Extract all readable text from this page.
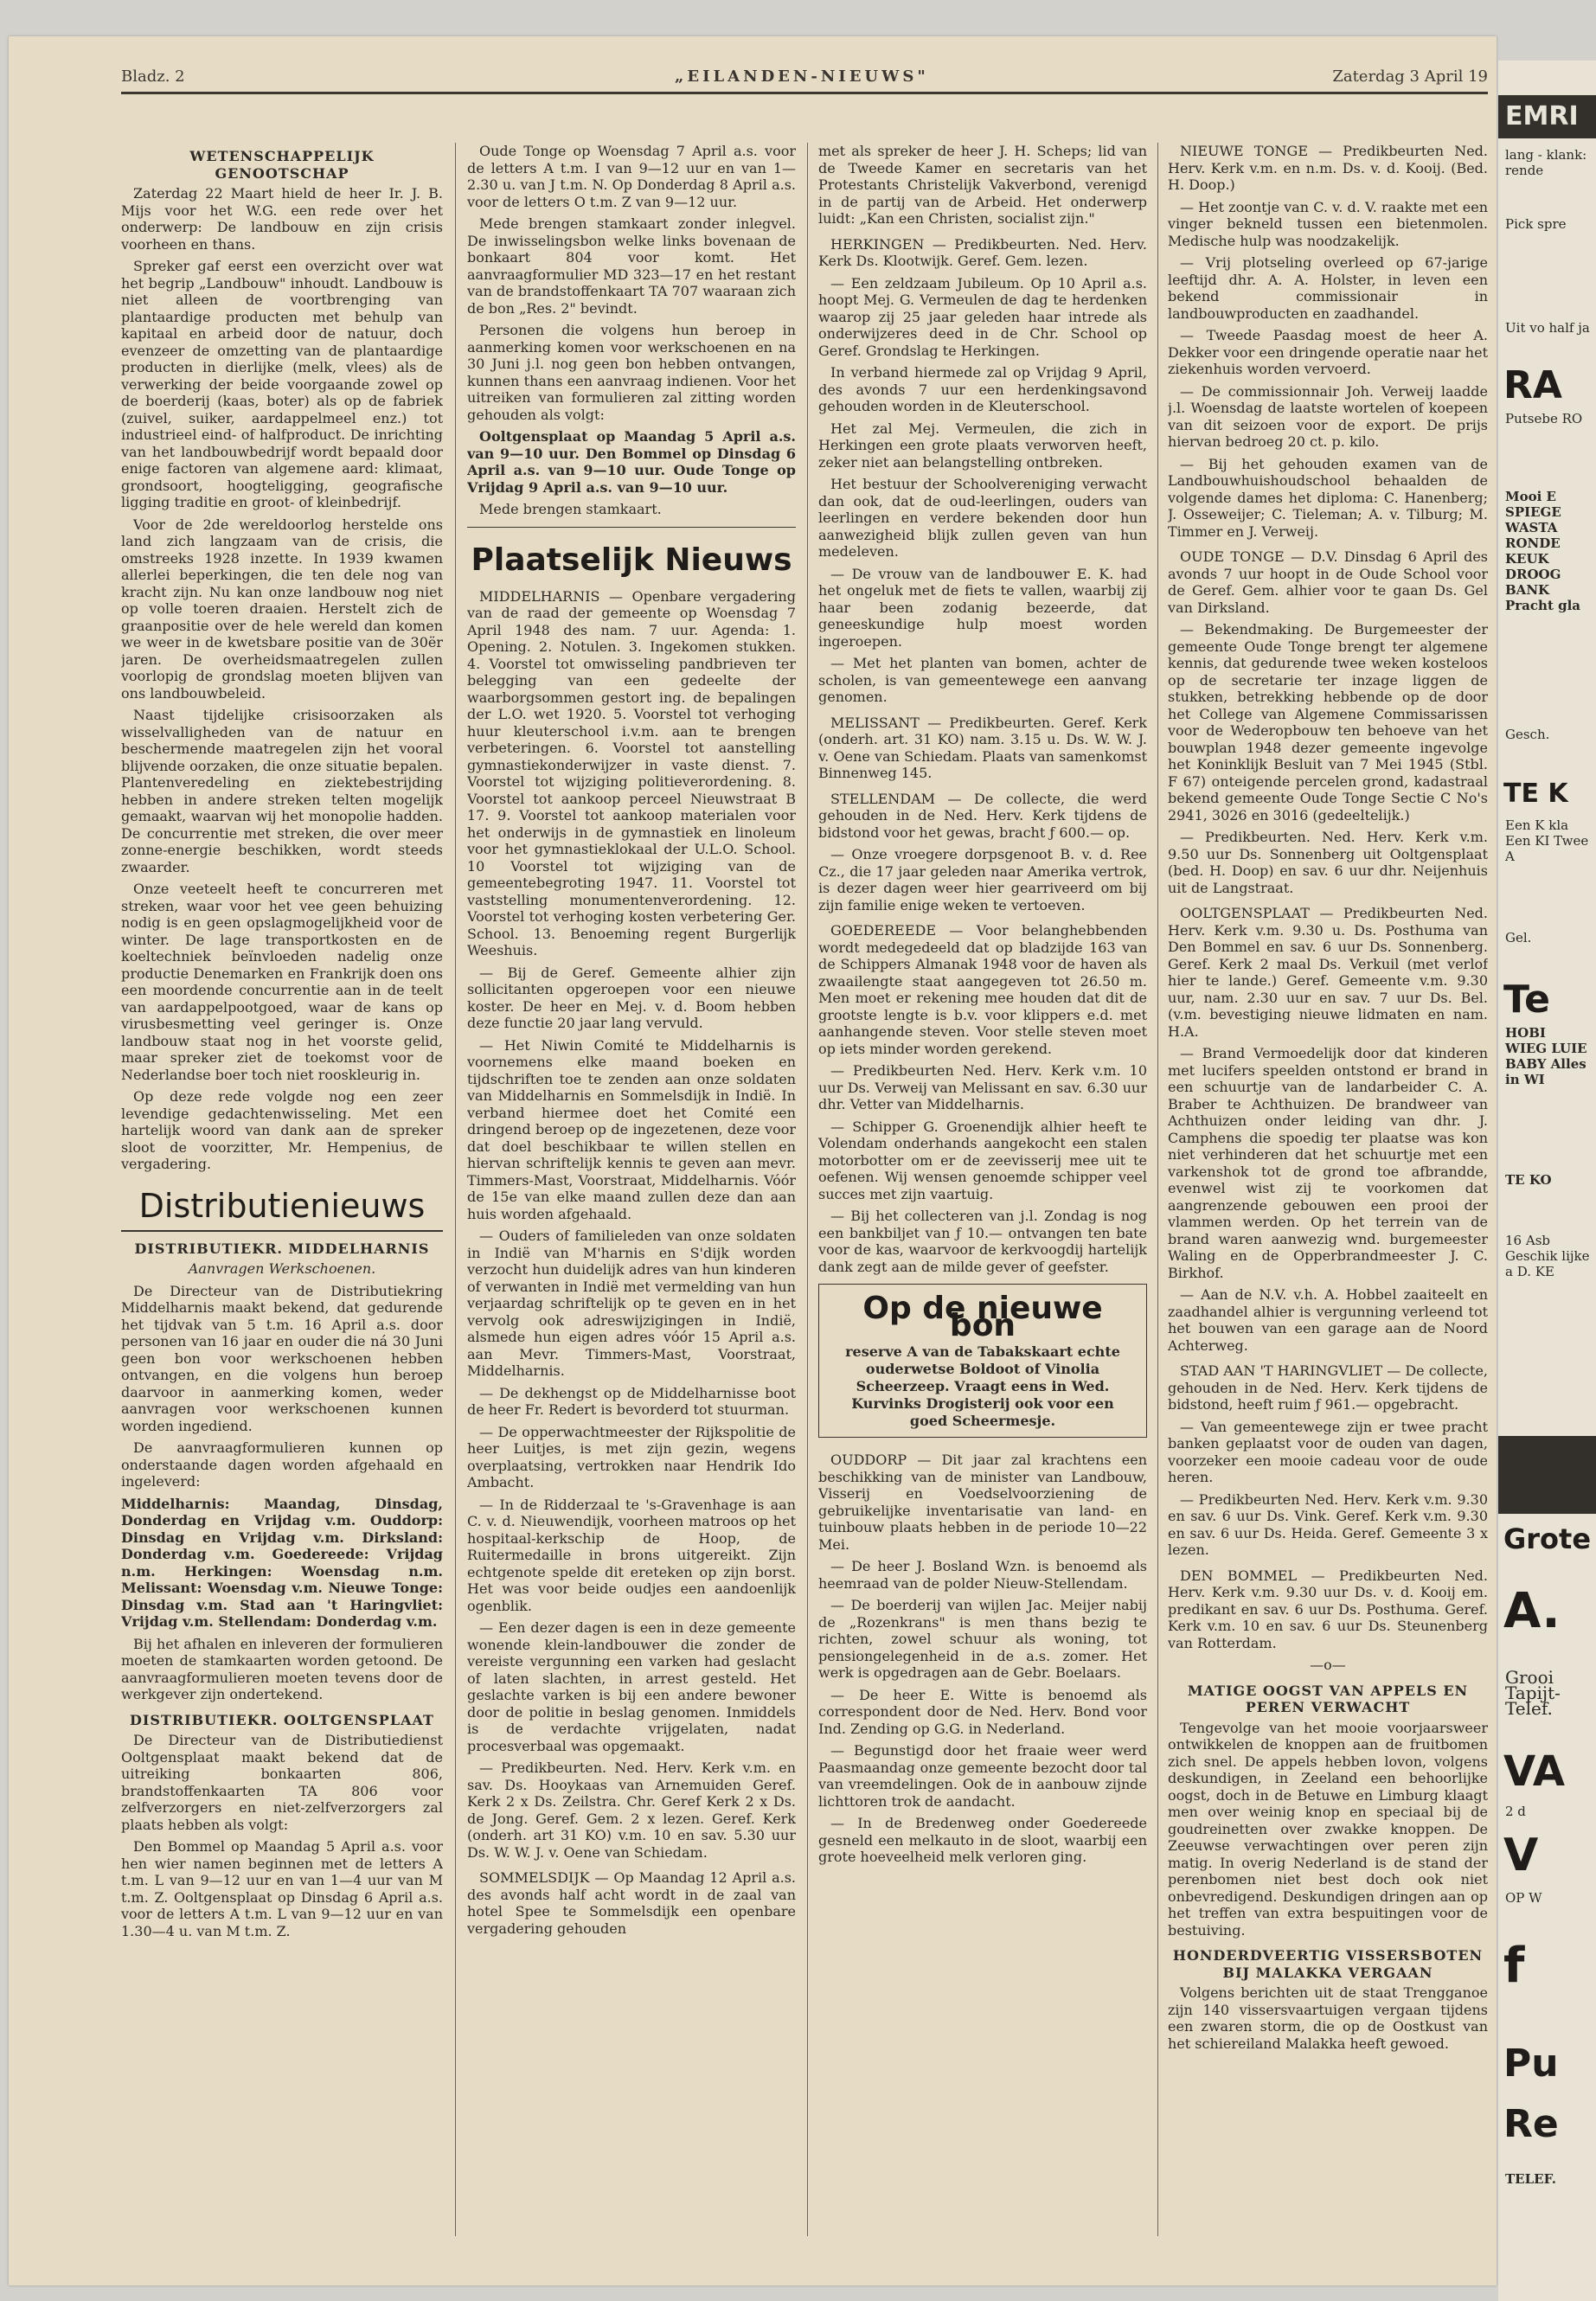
Bladz. 2	„EILANDEN-NIEUWS"	Zaterdag 3 April 19
WETENSCHAPPELIJK GENOOTSCHAP

Zaterdag 22 Maart hield de heer Ir. J. B. Mijs voor het W.G. een rede over het onderwerp: De landbouw en zijn crisis voorheen en thans.

Spreker gaf eerst een overzicht over wat het begrip „Landbouw" inhoudt. Landbouw is niet alleen de voortbrenging van plantaardige producten met behulp van kapitaal en arbeid door de natuur, doch evenzeer de omzetting van de plantaardige producten in dierlijke (melk, vlees) als de verwerking der beide voorgaande zowel op de boerderij (kaas, boter) als op de fabriek (zuivel, suiker, aardappelmeel enz.) tot industrieel eind- of halfproduct. De inrichting van het landbouwbedrijf wordt bepaald door enige factoren van algemene aard: klimaat, grondsoort, hoogteligging, geografische ligging traditie en groot- of kleinbedrijf.

Voor de 2de wereldoorlog herstelde ons land zich langzaam van de crisis, die omstreeks 1928 inzette. In 1939 kwamen allerlei beperkingen, die ten dele nog van kracht zijn. Nu kan onze landbouw nog niet op volle toeren draaien. Herstelt zich de graanpositie over de hele wereld dan komen we weer in de kwetsbare positie van de 30ër jaren. De overheidsmaatregelen zullen voorlopig de grondslag moeten blijven van ons landbouwbeleid.

Naast tijdelijke crisisoorzaken als wisselvalligheden van de natuur en beschermende maatregelen zijn het vooral blijvende oorzaken, die onze situatie bepalen. Plantenveredeling en ziektebestrijding hebben in andere streken telten mogelijk gemaakt, waarvan wij het monopolie hadden. De concurrentie met streken, die over meer zonne-energie beschikken, wordt steeds zwaarder.

Onze veeteelt heeft te concurreren met streken, waar voor het vee geen behuizing nodig is en geen opslagmogelijkheid voor de winter. De lage transportkosten en de koeltechniek beïnvloeden nadelig onze productie Denemarken en Frankrijk doen ons een moordende concurrentie aan in de teelt van aardappelpootgoed, waar de kans op virusbesmetting veel geringer is. Onze landbouw staat nog in het voorste gelid, maar spreker ziet de toekomst voor de Nederlandse boer toch niet rooskleurig in.

Op deze rede volgde nog een zeer levendige gedachtenwisseling. Met een hartelijk woord van dank aan de spreker sloot de voorzitter, Mr. Hempenius, de vergadering.

Distributienieuws
DISTRIBUTIEKR. MIDDELHARNIS
Aanvragen Werkschoenen.

De Directeur van de Distributiekring Middelharnis maakt bekend, dat gedurende het tijdvak van 5 t.m. 16 April a.s. door personen van 16 jaar en ouder die ná 30 Juni geen bon voor werkschoenen hebben ontvangen, en die volgens hun beroep daarvoor in aanmerking komen, weder aanvragen voor werkschoenen kunnen worden ingediend.

De aanvraagformulieren kunnen op onderstaande dagen worden afgehaald en ingeleverd:

Middelharnis: Maandag, Dinsdag, Donderdag en Vrijdag v.m. Ouddorp: Dinsdag en Vrijdag v.m. Dirksland: Donderdag v.m. Goedereede: Vrijdag n.m. Herkingen: Woensdag n.m. Melissant: Woensdag v.m. Nieuwe Tonge: Dinsdag v.m. Stad aan 't Haringvliet: Vrijdag v.m. Stellendam: Donderdag v.m.

Bij het afhalen en inleveren der formulieren moeten de stamkaarten worden getoond. De aanvraagformulieren moeten tevens door de werkgever zijn ondertekend.

DISTRIBUTIEKR. OOLTGENSPLAAT

De Directeur van de Distributiedienst Ooltgensplaat maakt bekend dat de uitreiking bonkaarten 806, brandstoffenkaarten TA 806 voor zelfverzorgers en niet-zelfverzorgers zal plaats hebben als volgt:

Den Bommel op Maandag 5 April a.s. voor hen wier namen beginnen met de letters A t.m. L van 9—12 uur en van 1—4 uur van M t.m. Z. Ooltgensplaat op Dinsdag 6 April a.s. voor de letters A t.m. L van 9—12 uur en van 1.30—4 u. van M t.m. Z.

Oude Tonge op Woensdag 7 April a.s. voor de letters A t.m. I van 9—12 uur en van 1—2.30 u. van J t.m. N. Op Donderdag 8 April a.s. voor de letters O t.m. Z van 9—12 uur.

Mede brengen stamkaart zonder inlegvel. De inwisselingsbon welke links bovenaan de bonkaart 804 voor komt. Het aanvraagformulier MD 323—17 en het restant van de brandstoffenkaart TA 707 waaraan zich de bon „Res. 2" bevindt.

Personen die volgens hun beroep in aanmerking komen voor werkschoenen en na 30 Juni j.l. nog geen bon hebben ontvangen, kunnen thans een aanvraag indienen. Voor het uitreiken van formulieren zal zitting worden gehouden als volgt:

Ooltgensplaat op Maandag 5 April a.s. van 9—10 uur. Den Bommel op Dinsdag 6 April a.s. van 9—10 uur. Oude Tonge op Vrijdag 9 April a.s. van 9—10 uur.

Mede brengen stamkaart.

Plaatselijk Nieuws

MIDDELHARNIS — Openbare vergadering van de raad der gemeente op Woensdag 7 April 1948 des nam. 7 uur. Agenda: 1. Opening. 2. Notulen. 3. Ingekomen stukken. 4. Voorstel tot omwisseling pandbrieven ter belegging van een gedeelte der waarborgsommen gestort ing. de bepalingen der L.O. wet 1920. 5. Voorstel tot verhoging huur kleuterschool i.v.m. aan te brengen verbeteringen. 6. Voorstel tot aanstelling gymnastiekonderwijzer in vaste dienst. 7. Voorstel tot wijziging politieverordening. 8. Voorstel tot aankoop perceel Nieuwstraat B 17. 9. Voorstel tot aankoop materialen voor het onderwijs in de gymnastiek en linoleum voor het gymnastieklokaal der U.L.O. School. 10 Voorstel tot wijziging van de gemeentebegroting 1947. 11. Voorstel tot vaststelling monumentenverordening. 12. Voorstel tot verhoging kosten verbetering Ger. School. 13. Benoeming regent Burgerlijk Weeshuis.

— Bij de Geref. Gemeente alhier zijn sollicitanten opgeroepen voor een nieuwe koster. De heer en Mej. v. d. Boom hebben deze functie 20 jaar lang vervuld.

— Het Niwin Comité te Middelharnis is voornemens elke maand boeken en tijdschriften toe te zenden aan onze soldaten van Middelharnis en Sommelsdijk in Indië. In verband hiermee doet het Comité een dringend beroep op de ingezetenen, deze voor dat doel beschikbaar te willen stellen en hiervan schriftelijk kennis te geven aan mevr. Timmers-Mast, Voorstraat, Middelharnis. Vóór de 15e van elke maand zullen deze dan aan huis worden afgehaald.

— Ouders of familieleden van onze soldaten in Indië van M'harnis en S'dijk worden verzocht hun duidelijk adres van hun kinderen of verwanten in Indië met vermelding van hun verjaardag schriftelijk op te geven en in het vervolg ook adreswijzigingen in Indië, alsmede hun eigen adres vóór 15 April a.s. aan Mevr. Timmers-Mast, Voorstraat, Middelharnis.

— De dekhengst op de Middelharnisse boot de heer Fr. Redert is bevorderd tot stuurman.

— De opperwachtmeester der Rijkspolitie de heer Luitjes, is met zijn gezin, wegens overplaatsing, vertrokken naar Hendrik Ido Ambacht.

— In de Ridderzaal te 's-Gravenhage is aan C. v. d. Nieuwendijk, voorheen matroos op het hospitaal-kerkschip de Hoop, de Ruitermedaille in brons uitgereikt. Zijn echtgenote spelde dit ereteken op zijn borst. Het was voor beide oudjes een aandoenlijk ogenblik.

— Een dezer dagen is een in deze gemeente wonende klein-landbouwer die zonder de vereiste vergunning een varken had geslacht of laten slachten, in arrest gesteld. Het geslachte varken is bij een andere bewoner door de politie in beslag genomen. Inmiddels is de verdachte vrijgelaten, nadat procesverbaal was opgemaakt.

— Predikbeurten. Ned. Herv. Kerk v.m. en sav. Ds. Hooykaas van Arnemuiden Geref. Kerk 2 x Ds. Zeilstra. Chr. Geref Kerk 2 x Ds. de Jong. Geref. Gem. 2 x lezen. Geref. Kerk (onderh. art 31 KO) v.m. 10 en sav. 5.30 uur Ds. W. W. J. v. Oene van Schiedam.

SOMMELSDIJK — Op Maandag 12 April a.s. des avonds half acht wordt in de zaal van hotel Spee te Sommelsdijk een openbare vergadering gehouden

met als spreker de heer J. H. Scheps; lid van de Tweede Kamer en secretaris van het Protestants Christelijk Vakverbond, verenigd in de partij van de Arbeid. Het onderwerp luidt: „Kan een Christen, socialist zijn."

HERKINGEN — Predikbeurten. Ned. Herv. Kerk Ds. Klootwijk. Geref. Gem. lezen.

— Een zeldzaam Jubileum. Op 10 April a.s. hoopt Mej. G. Vermeulen de dag te herdenken waarop zij 25 jaar geleden haar intrede als onderwijzeres deed in de Chr. School op Geref. Grondslag te Herkingen.

In verband hiermede zal op Vrijdag 9 April, des avonds 7 uur een herdenkingsavond gehouden worden in de Kleuterschool.

Het zal Mej. Vermeulen, die zich in Herkingen een grote plaats verworven heeft, zeker niet aan belangstelling ontbreken.

Het bestuur der Schoolvereniging verwacht dan ook, dat de oud-leerlingen, ouders van leerlingen en verdere bekenden door hun aanwezigheid blijk zullen geven van hun medeleven.

— De vrouw van de landbouwer E. K. had het ongeluk met de fiets te vallen, waarbij zij haar been zodanig bezeerde, dat geneeskundige hulp moest worden ingeroepen.

— Met het planten van bomen, achter de scholen, is van gemeentewege een aanvang genomen.

MELISSANT — Predikbeurten. Geref. Kerk (onderh. art. 31 KO) nam. 3.15 u. Ds. W. W. J. v. Oene van Schiedam. Plaats van samenkomst Binnenweg 145.

STELLENDAM — De collecte, die werd gehouden in de Ned. Herv. Kerk tijdens de bidstond voor het gewas, bracht ƒ 600.— op.

— Onze vroegere dorpsgenoot B. v. d. Ree Cz., die 17 jaar geleden naar Amerika vertrok, is dezer dagen weer hier gearriveerd om bij zijn familie enige weken te vertoeven.

GOEDEREEDE — Voor belanghebbenden wordt medegedeeld dat op bladzijde 163 van de Schippers Almanak 1948 voor de haven als zwaailengte staat aangegeven tot 26.50 m. Men moet er rekening mee houden dat dit de grootste lengte is b.v. voor klippers e.d. met aanhangende steven. Voor stelle steven moet op iets minder worden gerekend.

— Predikbeurten Ned. Herv. Kerk v.m. 10 uur Ds. Verweij van Melissant en sav. 6.30 uur dhr. Vetter van Middelharnis.

— Schipper G. Groenendijk alhier heeft te Volendam onderhands aangekocht een stalen motorbotter om er de zeevisserij mee uit te oefenen. Wij wensen genoemde schipper veel succes met zijn vaartuig.

— Bij het collecteren van j.l. Zondag is nog een bankbiljet van ƒ 10.— ontvangen ten bate voor de kas, waarvoor de kerkvoogdij hartelijk dank zegt aan de milde gever of geefster.

Op de nieuwe bon
reserve A van de Tabakskaart echte ouderwetse Boldoot of Vinolia Scheerzeep. Vraagt eens in Wed. Kurvinks Drogisterij ook voor een goed Scheermesje.

OUDDORP — Dit jaar zal krachtens een beschikking van de minister van Landbouw, Visserij en Voedselvoorziening de gebruikelijke inventarisatie van land- en tuinbouw plaats hebben in de periode 10—22 Mei.

— De heer J. Bosland Wzn. is benoemd als heemraad van de polder Nieuw-Stellendam.

— De boerderij van wijlen Jac. Meijer nabij de „Rozenkrans" is men thans bezig te richten, zowel schuur als woning, tot pensiongelegenheid in de a.s. zomer. Het werk is opgedragen aan de Gebr. Boelaars.

— De heer E. Witte is benoemd als correspondent door de Ned. Herv. Bond voor Ind. Zending op G.G. in Nederland.

— Begunstigd door het fraaie weer werd Paasmaandag onze gemeente bezocht door tal van vreemdelingen. Ook de in aanbouw zijnde lichttoren trok de aandacht.

— In de Bredenweg onder Goedereede gesneld een melkauto in de sloot, waarbij een grote hoeveelheid melk verloren ging.

NIEUWE TONGE — Predikbeurten Ned. Herv. Kerk v.m. en n.m. Ds. v. d. Kooij. (Bed. H. Doop.)

— Het zoontje van C. v. d. V. raakte met een vinger bekneld tussen een bietenmolen. Medische hulp was noodzakelijk.

— Vrij plotseling overleed op 67-jarige leeftijd dhr. A. A. Holster, in leven een bekend commissionair in landbouwproducten en zaadhandel.

— Tweede Paasdag moest de heer A. Dekker voor een dringende operatie naar het ziekenhuis worden vervoerd.

— De commissionnair Joh. Verweij laadde j.l. Woensdag de laatste wortelen of koepeen van dit seizoen voor de export. De prijs hiervan bedroeg 20 ct. p. kilo.

— Bij het gehouden examen van de Landbouwhuishoudschool behaalden de volgende dames het diploma: C. Hanenberg; J. Osseweijer; C. Tieleman; A. v. Tilburg; M. Timmer en J. Verweij.

OUDE TONGE — D.V. Dinsdag 6 April des avonds 7 uur hoopt in de Oude School voor de Geref. Gem. alhier voor te gaan Ds. Gel van Dirksland.

— Bekendmaking. De Burgemeester der gemeente Oude Tonge brengt ter algemene kennis, dat gedurende twee weken kosteloos op de secretarie ter inzage liggen de stukken, betrekking hebbende op de door het College van Algemene Commissarissen voor de Wederopbouw ten behoeve van het bouwplan 1948 dezer gemeente ingevolge het Koninklijk Besluit van 7 Mei 1945 (Stbl. F 67) onteigende percelen grond, kadastraal bekend gemeente Oude Tonge Sectie C No's 2941, 3026 en 3016 (gedeeltelijk.)

— Predikbeurten. Ned. Herv. Kerk v.m. 9.50 uur Ds. Sonnenberg uit Ooltgensplaat (bed. H. Doop) en sav. 6 uur dhr. Neijenhuis uit de Langstraat.

OOLTGENSPLAAT — Predikbeurten Ned. Herv. Kerk v.m. 9.30 u. Ds. Posthuma van Den Bommel en sav. 6 uur Ds. Sonnenberg. Geref. Kerk 2 maal Ds. Verkuil (met verlof hier te lande.) Geref. Gemeente v.m. 9.30 uur, nam. 2.30 uur en sav. 7 uur Ds. Bel. (v.m. bevestiging nieuwe lidmaten en nam. H.A.

— Brand Vermoedelijk door dat kinderen met lucifers speelden ontstond er brand in een schuurtje van de landarbeider C. A. Braber te Achthuizen. De brandweer van Achthuizen onder leiding van dhr. J. Camphens die spoedig ter plaatse was kon niet verhinderen dat het schuurtje met een varkenshok tot de grond toe afbrandde, evenwel wist zij te voorkomen dat aangrenzende gebouwen een prooi der vlammen werden. Op het terrein van de brand waren aanwezig wnd. burgemeester Waling en de Opperbrandmeester J. C. Birkhof.

— Aan de N.V. v.h. A. Hobbel zaaiteelt en zaadhandel alhier is vergunning verleend tot het bouwen van een garage aan de Noord Achterweg.

STAD AAN 'T HARINGVLIET — De collecte, gehouden in de Ned. Herv. Kerk tijdens de bidstond, heeft ruim ƒ 961.— opgebracht.

— Van gemeentewege zijn er twee pracht banken geplaatst voor de ouden van dagen, voorzeker een mooie cadeau voor de oude heren.

— Predikbeurten Ned. Herv. Kerk v.m. 9.30 en sav. 6 uur Ds. Vink. Geref. Kerk v.m. 9.30 en sav. 6 uur Ds. Heida. Geref. Gemeente 3 x lezen.

DEN BOMMEL — Predikbeurten Ned. Herv. Kerk v.m. 9.30 uur Ds. v. d. Kooij em. predikant en sav. 6 uur Ds. Posthuma. Geref. Kerk v.m. 10 en sav. 6 uur Ds. Steunenberg van Rotterdam.

—o—
MATIGE OOGST VAN APPELS EN PEREN VERWACHT

Tengevolge van het mooie voorjaarsweer ontwikkelen de knoppen aan de fruitbomen zich snel. De appels hebben lovon, volgens deskundigen, in Zeeland een behoorlijke oogst, doch in de Betuwe en Limburg klaagt men over weinig knop en speciaal bij de goudreinetten over zwakke knoppen. De Zeeuwse verwachtingen over peren zijn matig. In overig Nederland is de stand der perenbomen niet best doch ook niet onbevredigend. Deskundigen dringen aan op het treffen van extra bespuitingen voor de bestuiving.

HONDERDVEERTIG VISSERSBOTEN BIJ MALAKKA VERGAAN

Volgens berichten uit de staat Trengganoe zijn 140 vissersvaartuigen vergaan tijdens een zwaren storm, die op de Oostkust van het schiereiland Malakka heeft gewoed.

EMRI
lang - klank: rende
Pick spre
Uit vo half ja
RA
Putsebe RO
Mooi E SPIEGE WASTA RONDE KEUK DROOG BANK Pracht gla
Gesch.
TE K
Een K kla Een KI Twee A
Gel.
Te
HOBI WIEG LUIE BABY Alles in WI
TE KO
16 Asb Geschik lijke a D. KE
Grote
A.
Grooi Tapijt- Telef.
VA
2 d
V
OP W
f
Pu
Re
TELEF.
